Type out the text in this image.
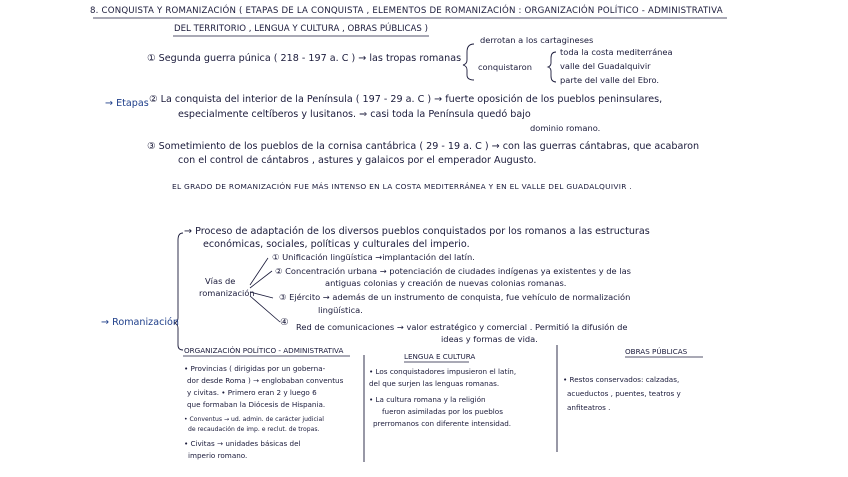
8. CONQUISTA Y ROMANIZACIÓN ( ETAPAS DE LA CONQUISTA , ELEMENTOS DE ROMANIZACIÓN : ORGANIZACIÓN POLÍTICO - ADMINISTRATIVA
DEL TERRITORIO , LENGUA Y CULTURA , OBRAS PÚBLICAS )
→ Etapas
① Segunda guerra púnica ( 218 - 197 a. C ) → las tropas romanas
derrotan a los cartagineses
conquistaron
toda la costa mediterránea
valle del Guadalquivir
parte del valle del Ebro.
② La conquista del interior de la Península ( 197 - 29 a. C ) → fuerte oposición de los pueblos peninsulares,
especialmente celtíberos y lusitanos. ⇒ casi toda la Península quedó bajo
dominio romano.
③ Sometimiento de los pueblos de la cornisa cantábrica ( 29 - 19 a. C ) → con las guerras cántabras, que acabaron
con el control de cántabros , astures y galaicos por el emperador Augusto.
EL GRADO DE ROMANIZACIÓN FUE MÁS INTENSO EN LA COSTA MEDITERRÁNEA Y EN EL VALLE DEL GUADALQUIVIR .
→ Romanización
→ Proceso de adaptación de los diversos pueblos conquistados por los romanos a las estructuras
económicas, sociales, políticas y culturales del imperio.
Vías de
romanización
① Unificación lingüística →implantación del latín.
② Concentración urbana → potenciación de ciudades indígenas ya existentes y de las
antiguas colonias y creación de nuevas colonias romanas.
③ Ejército → además de un instrumento de conquista, fue vehículo de normalización
lingüística.
④ Red de comunicaciones → valor estratégico y comercial . Permitió la difusión de
ideas y formas de vida.
ORGANIZACIÓN POLÍTICO - ADMINISTRATIVA
• Provincias ( dirigidas por un goberna-
dor desde Roma ) → englobaban conventus
y civitas. • Primero eran 2 y luego 6
que formaban la Diócesis de Hispania.
• Conventus → ud. admin. de carácter judicial
de recaudación de imp. e reclut. de tropas.
• Civitas → unidades básicas del
imperio romano.
LENGUA E CULTURA
• Los conquistadores impusieron el latín,
del que surjen las lenguas romanas.
• La cultura romana y la religión
fueron asimiladas por los pueblos
prerromanos con diferente intensidad.
OBRAS PÚBLICAS
• Restos conservados: calzadas,
acueductos , puentes, teatros y
anfiteatros .
